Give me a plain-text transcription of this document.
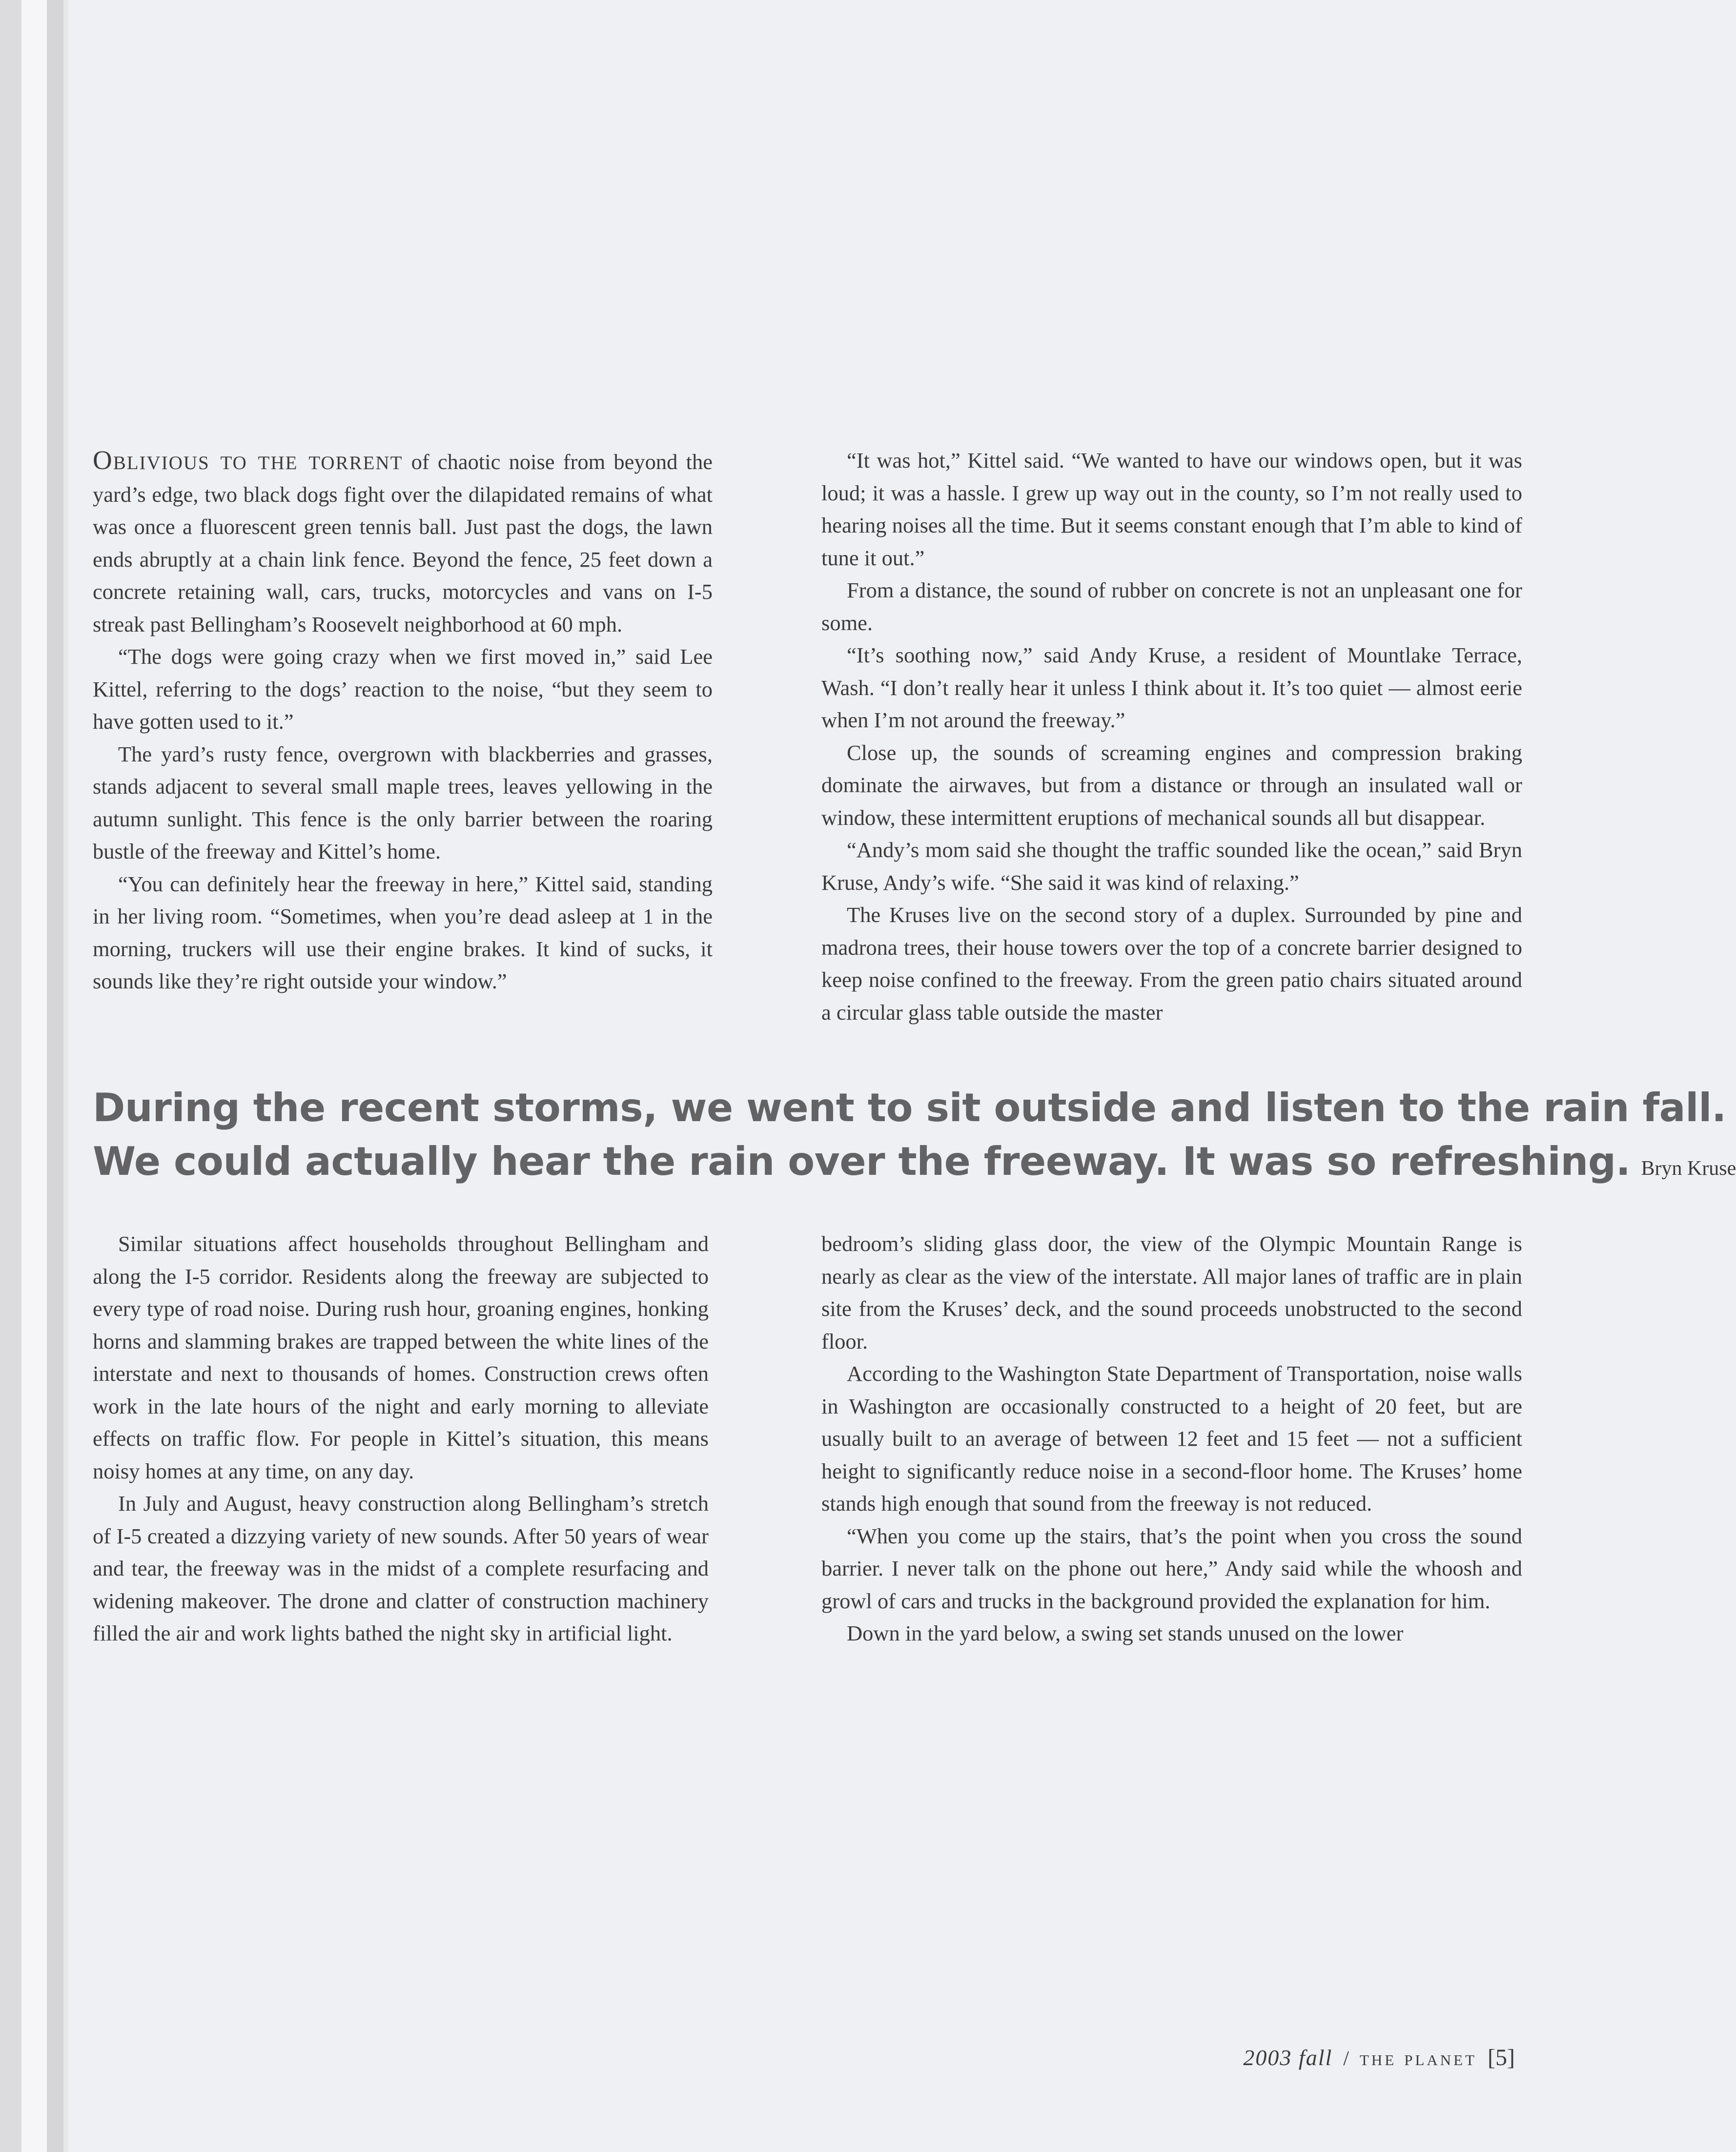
Oblivious to the torrent of chaotic noise from beyond the yard’s edge, two black dogs fight over the dilapidated remains of what was once a fluorescent green tennis ball. Just past the dogs, the lawn ends abruptly at a chain link fence. Beyond the fence, 25 feet down a concrete retaining wall, cars, trucks, motorcycles and vans on I-5 streak past Bellingham’s Roosevelt neighborhood at 60 mph.

“The dogs were going crazy when we first moved in,” said Lee Kittel, referring to the dogs’ reaction to the noise, “but they seem to have gotten used to it.”

The yard’s rusty fence, overgrown with blackberries and grasses, stands adjacent to several small maple trees, leaves yellowing in the autumn sunlight. This fence is the only barrier between the roaring bustle of the freeway and Kittel’s home.

“You can definitely hear the freeway in here,” Kittel said, standing in her living room. “Sometimes, when you’re dead asleep at 1 in the morning, truckers will use their engine brakes. It kind of sucks, it sounds like they’re right outside your window.”

“It was hot,” Kittel said. “We wanted to have our windows open, but it was loud; it was a hassle. I grew up way out in the county, so I’m not really used to hearing noises all the time. But it seems constant enough that I’m able to kind of tune it out.”

From a distance, the sound of rubber on concrete is not an unpleasant one for some.

“It’s soothing now,” said Andy Kruse, a resident of Mountlake Terrace, Wash. “I don’t really hear it unless I think about it. It’s too quiet — almost eerie when I’m not around the freeway.”

Close up, the sounds of screaming engines and compression braking dominate the airwaves, but from a distance or through an insulated wall or window, these intermittent eruptions of mechanical sounds all but disappear.

“Andy’s mom said she thought the traffic sounded like the ocean,” said Bryn Kruse, Andy’s wife. “She said it was kind of relaxing.”

The Kruses live on the second story of a duplex. Surrounded by pine and madrona trees, their house towers over the top of a concrete barrier designed to keep noise confined to the freeway. From the green patio chairs situated around a circular glass table outside the master

During the recent storms, we went to sit outside and listen to the rain fall.
We could actually hear the rain over the freeway. It was so refreshing. Bryn Kruse

Similar situations affect households throughout Bellingham and along the I-5 corridor. Residents along the freeway are subjected to every type of road noise. During rush hour, groaning engines, honking horns and slamming brakes are trapped between the white lines of the interstate and next to thousands of homes. Construction crews often work in the late hours of the night and early morning to alleviate effects on traffic flow. For people in Kittel’s situation, this means noisy homes at any time, on any day.

In July and August, heavy construction along Bellingham’s stretch of I-5 created a dizzying variety of new sounds. After 50 years of wear and tear, the freeway was in the midst of a complete resurfacing and widening makeover. The drone and clatter of construction machinery filled the air and work lights bathed the night sky in artificial light.

bedroom’s sliding glass door, the view of the Olympic Mountain Range is nearly as clear as the view of the interstate. All major lanes of traffic are in plain site from the Kruses’ deck, and the sound proceeds unobstructed to the second floor.

According to the Washington State Department of Transportation, noise walls in Washington are occasionally constructed to a height of 20 feet, but are usually built to an average of between 12 feet and 15 feet — not a sufficient height to significantly reduce noise in a second-floor home. The Kruses’ home stands high enough that sound from the freeway is not reduced.

“When you come up the stairs, that’s the point when you cross the sound barrier. I never talk on the phone out here,” Andy said while the whoosh and growl of cars and trucks in the background provided the explanation for him.

Down in the yard below, a swing set stands unused on the lower

2003 fall / the planet [5]
